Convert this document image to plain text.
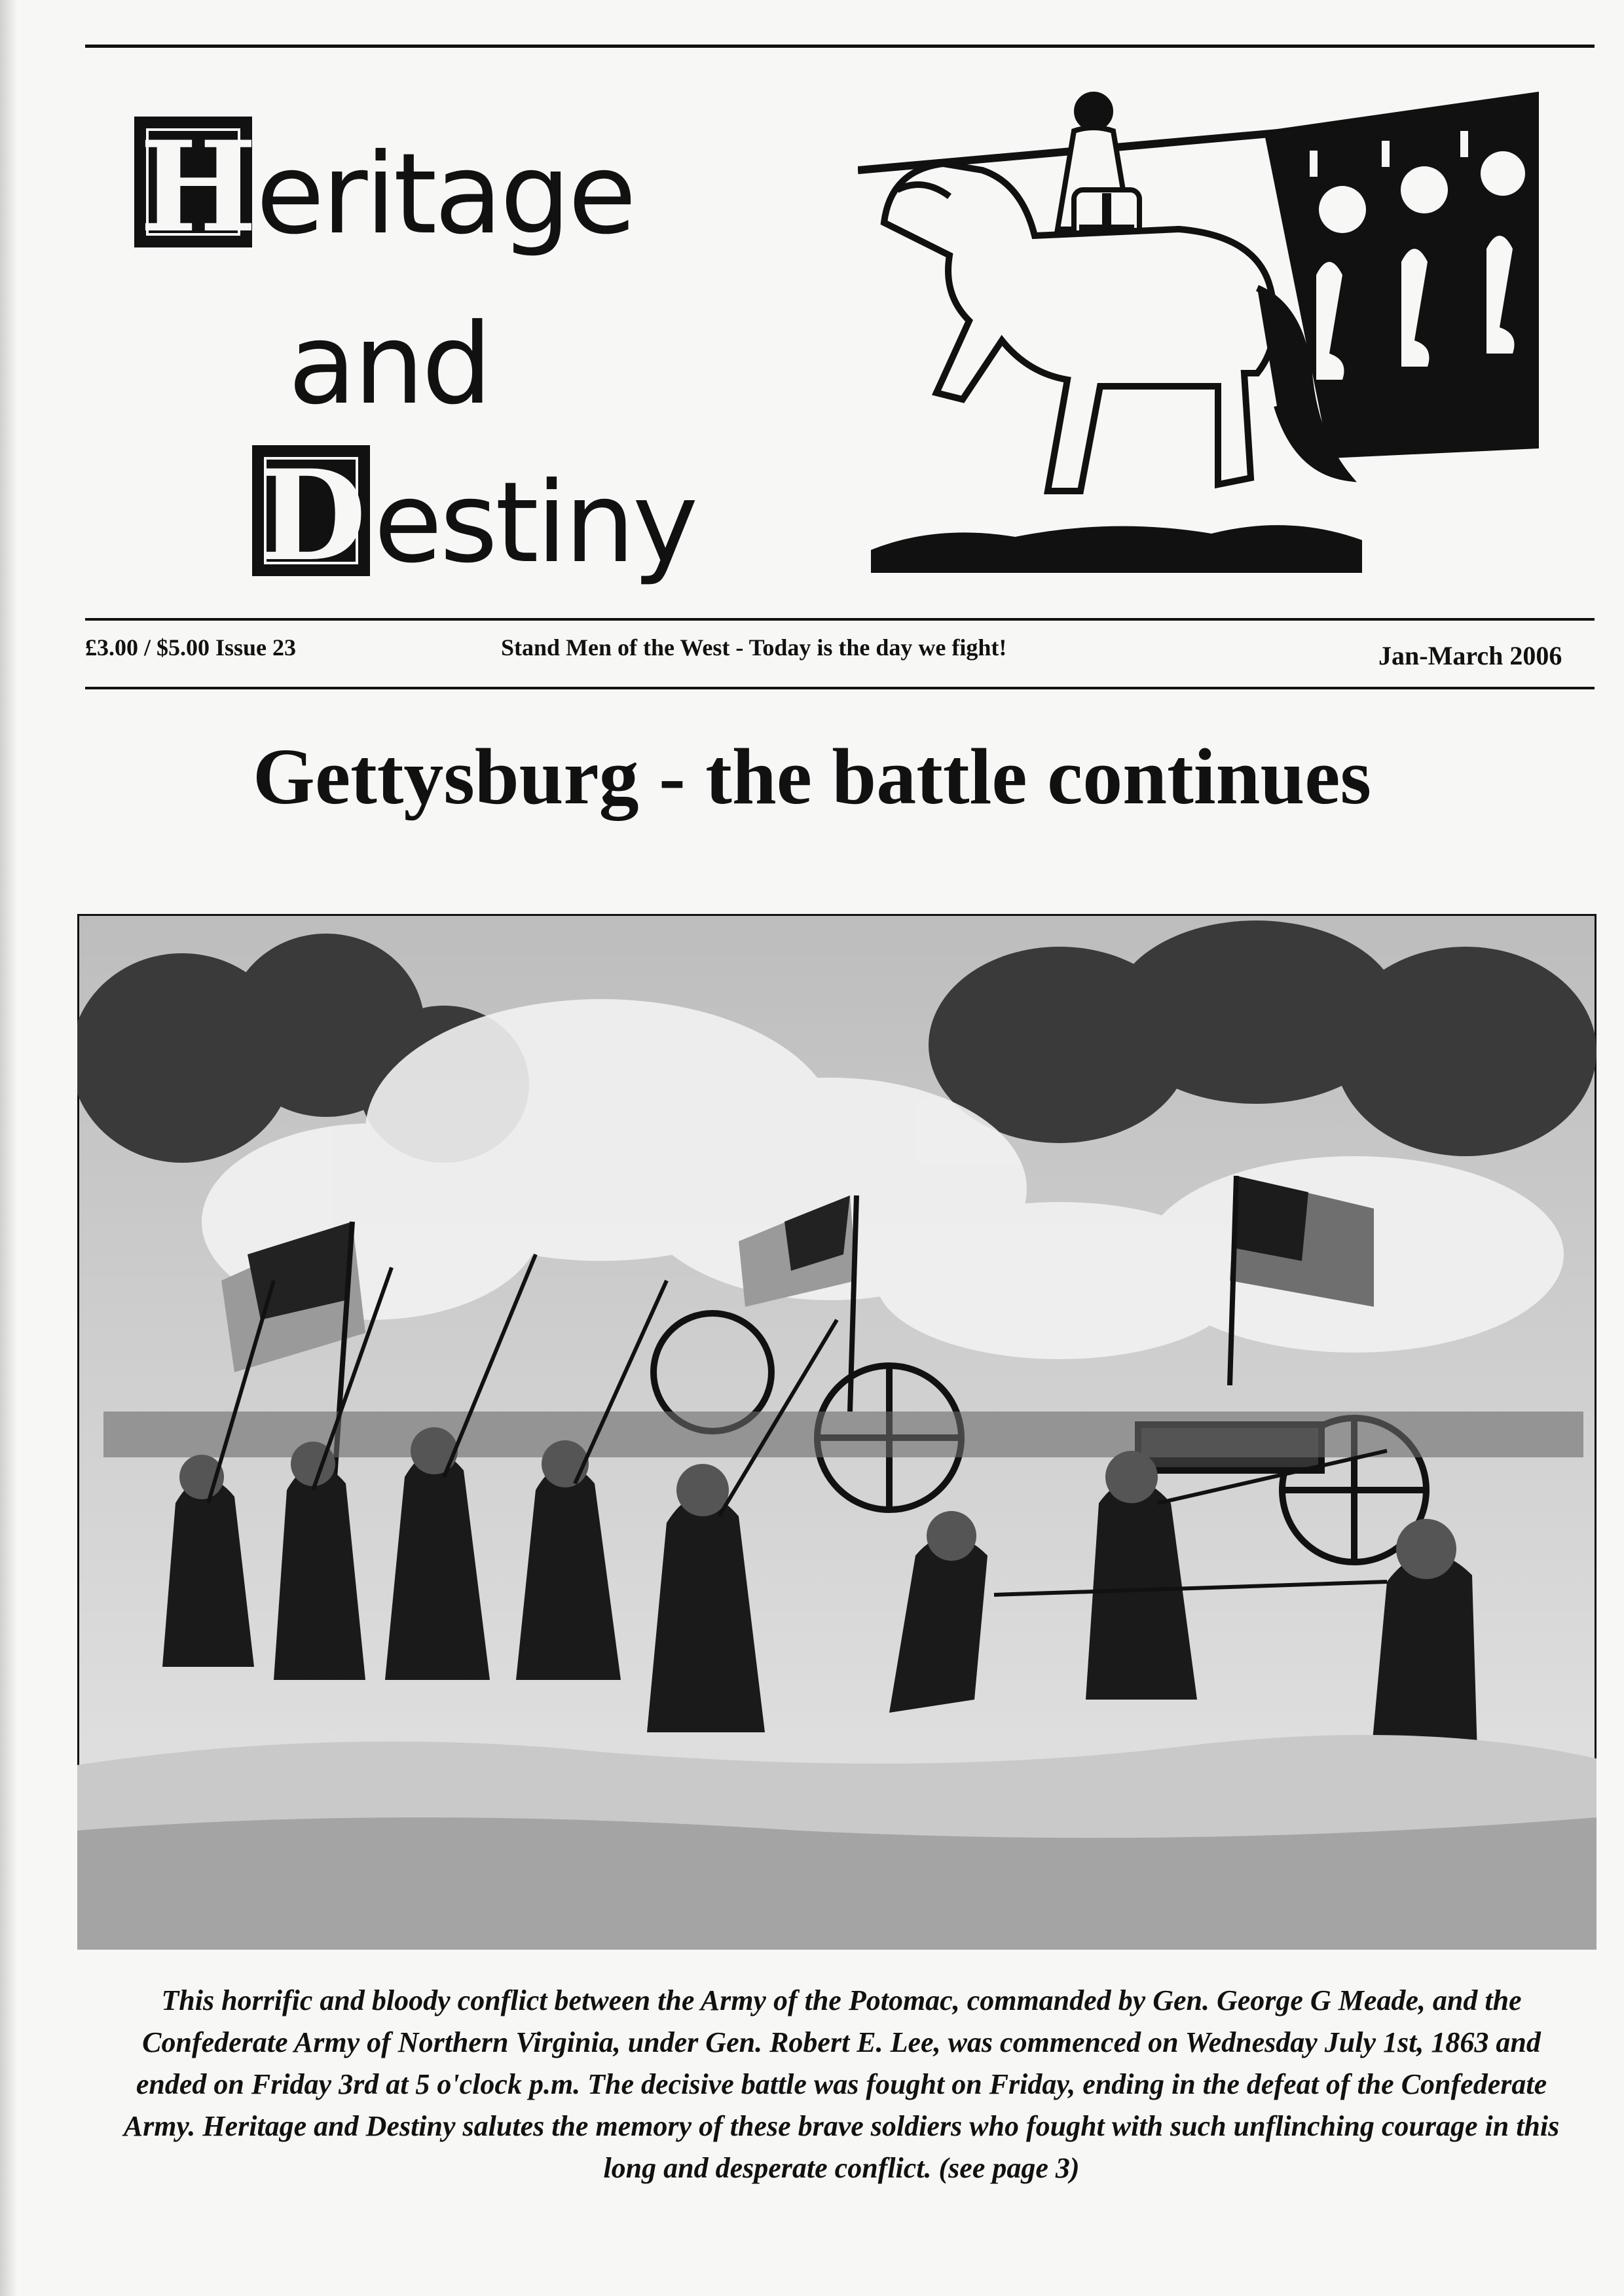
Heritage
and
Destiny
£3.00 / $5.00 Issue 23	Stand Men of the West - Today is the day we fight!	Jan-March 2006
Gettysburg - the battle continues
This horrific and bloody conflict between the Army of the Potomac, commanded by Gen. George G Meade, and the Confederate Army of Northern Virginia, under Gen. Robert E. Lee, was commenced on Wednesday July 1st, 1863 and ended on Friday 3rd at 5 o'clock p.m. The decisive battle was fought on Friday, ending in the defeat of the Confederate Army. Heritage and Destiny salutes the memory of these brave soldiers who fought with such unflinching courage in this long and desperate conflict. (see page 3)
